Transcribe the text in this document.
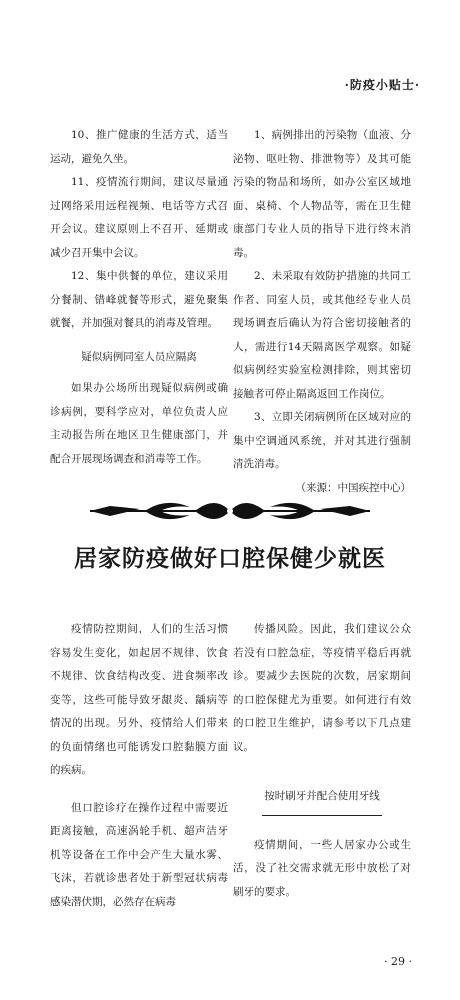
·防疫小贴士·

10、推广健康的生活方式，适当运动，避免久坐。

11、疫情流行期间，建议尽量通过网络采用远程视频、电话等方式召开会议。建议原则上不召开、延期或减少召开集中会议。

12、集中供餐的单位，建议采用分餐制、错峰就餐等形式，避免聚集就餐，并加强对餐具的消毒及管理。

疑似病例同室人员应隔离

如果办公场所出现疑似病例或确诊病例，要科学应对，单位负责人应主动报告所在地区卫生健康部门，并配合开展现场调查和消毒等工作。

1、病例排出的污染物（血液、分泌物、呕吐物、排泄物等）及其可能污染的物品和场所，如办公室区域地面、桌椅、个人物品等，需在卫生健康部门专业人员的指导下进行终末消毒。

2、未采取有效防护措施的共同工作者、同室人员，或其他经专业人员现场调查后确认为符合密切接触者的人，需进行14天隔离医学观察。如疑似病例经实验室检测排除，则其密切接触者可停止隔离返回工作岗位。

3、立即关闭病例所在区域对应的集中空调通风系统，并对其进行强制清洗消毒。

（来源：中国疾控中心）

居家防疫做好口腔保健少就医

疫情防控期间，人们的生活习惯容易发生变化，如起居不规律、饮食不规律、饮食结构改变、进食频率改变等，这些可能导致牙龈炎、龋病等情况的出现。另外，疫情给人们带来的负面情绪也可能诱发口腔黏膜方面的疾病。

但口腔诊疗在操作过程中需要近距离接触，高速涡轮手机、超声洁牙机等设备在工作中会产生大量水雾、飞沫，若就诊患者处于新型冠状病毒感染潜伏期，必然存在病毒

传播风险。因此，我们建议公众若没有口腔急症，等疫情平稳后再就诊。要减少去医院的次数，居家期间的口腔保健尤为重要。如何进行有效的口腔卫生维护，请参考以下几点建议。

按时刷牙并配合使用牙线

疫情期间，一些人居家办公或生活，没了社交需求就无形中放松了对刷牙的要求。

· 29 ·
